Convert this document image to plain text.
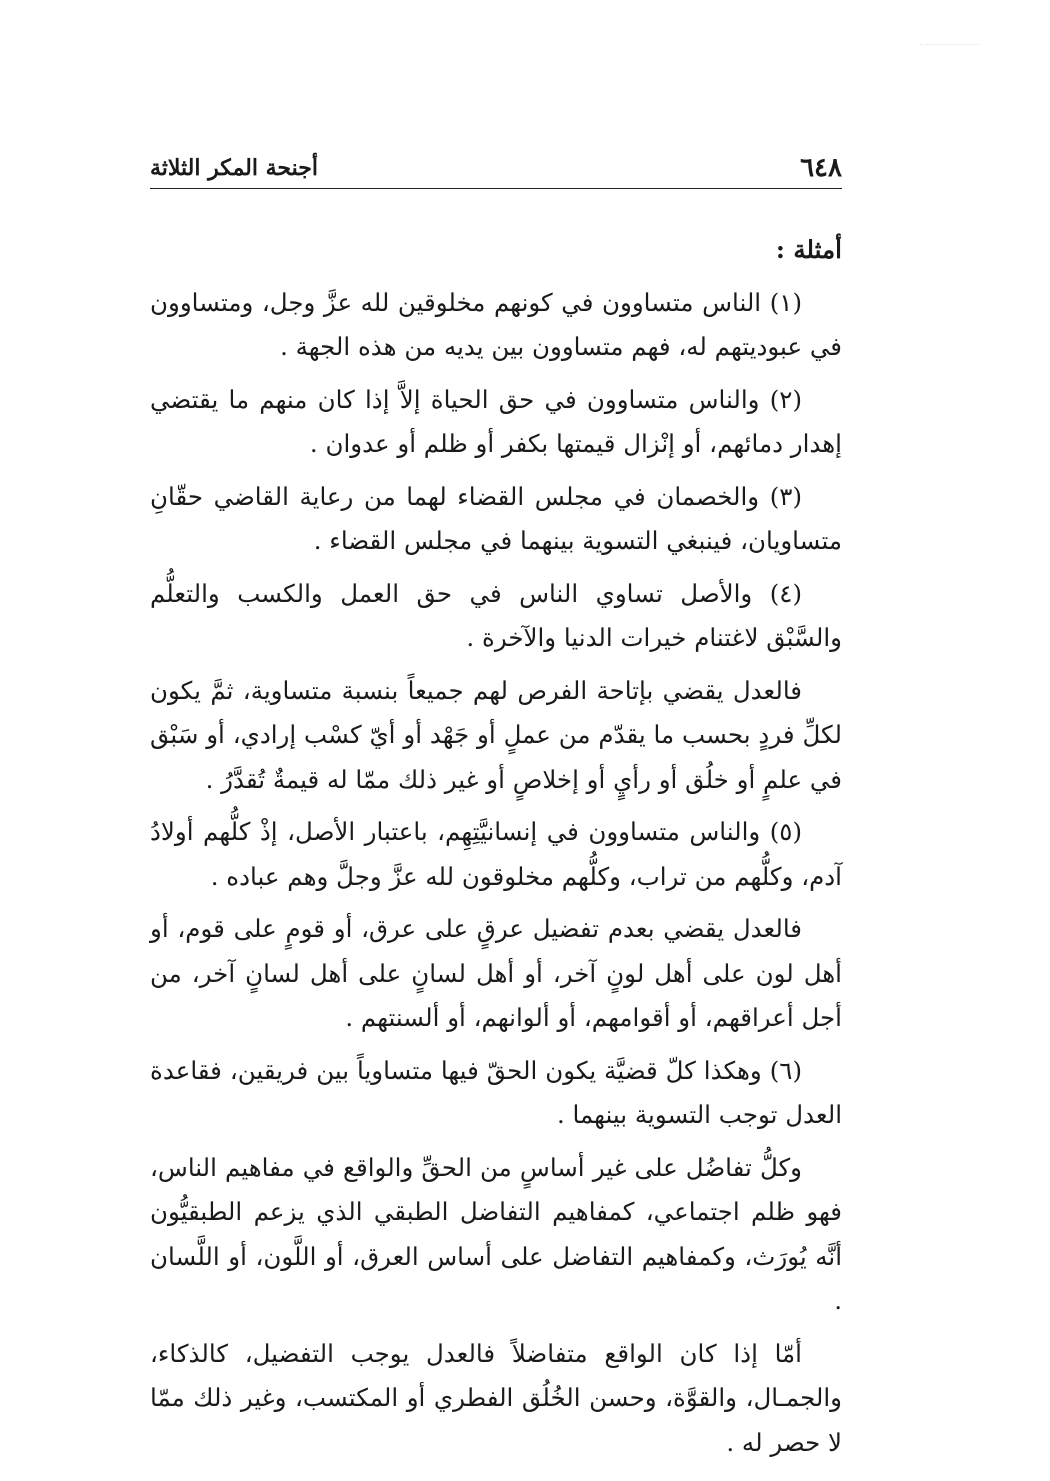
٦٤٨
أجنحة المكر الثلاثة

أمثلة :

(١) الناس متساوون في كونهم مخلوقين لله عزَّ وجل، ومتساوون في عبوديتهم له، فهم متساوون بين يديه من هذه الجهة .

(٢) والناس متساوون في حق الحياة إلاَّ إذا كان منهم ما يقتضي إهدار دمائهم، أو إنْزال قيمتها بكفر أو ظلم أو عدوان .

(٣) والخصمان في مجلس القضاء لهما من رعاية القاضي حقّانِ متساويان، فينبغي التسوية بينهما في مجلس القضاء .

(٤) والأصل تساوي الناس في حق العمل والكسب والتعلُّم والسَّبْق لاغتنام خيرات الدنيا والآخرة .

فالعدل يقضي بإتاحة الفرص لهم جميعاً بنسبة متساوية، ثمَّ يكون لكلِّ فردٍ بحسب ما يقدّم من عملٍ أو جَهْد أو أيّ كسْب إرادي، أو سَبْق في علمٍ أو خلُق أو رأيٍ أو إخلاصٍ أو غير ذلك ممّا له قيمةٌ تُقدَّرُ .

(٥) والناس متساوون في إنسانيَّتِهِم، باعتبار الأصل، إذْ كلُّهم أولادُ آدم، وكلُّهم من تراب، وكلُّهم مخلوقون لله عزَّ وجلَّ وهم عباده .

فالعدل يقضي بعدم تفضيل عرقٍ على عرق، أو قومٍ على قوم، أو أهل لون على أهل لونٍ آخر، أو أهل لسانٍ على أهل لسانٍ آخر، من أجل أعراقهم، أو أقوامهم، أو ألوانهم، أو ألسنتهم .

(٦) وهكذا كلّ قضيَّة يكون الحقّ فيها متساوياً بين فريقين، فقاعدة العدل توجب التسوية بينهما .

وكلُّ تفاضُل على غير أساسٍ من الحقِّ والواقع في مفاهيم الناس، فهو ظلم اجتماعي، كمفاهيم التفاضل الطبقي الذي يزعم الطبقيُّون أنَّه يُورَث، وكمفاهيم التفاضل على أساس العرق، أو اللَّون، أو اللَّسان .

أمّا إذا كان الواقع متفاضلاً فالعدل يوجب التفضيل، كالذكاء، والجمـال، والقوَّة، وحسن الخُلُق الفطري أو المكتسب، وغير ذلك ممّا لا حصر له .
